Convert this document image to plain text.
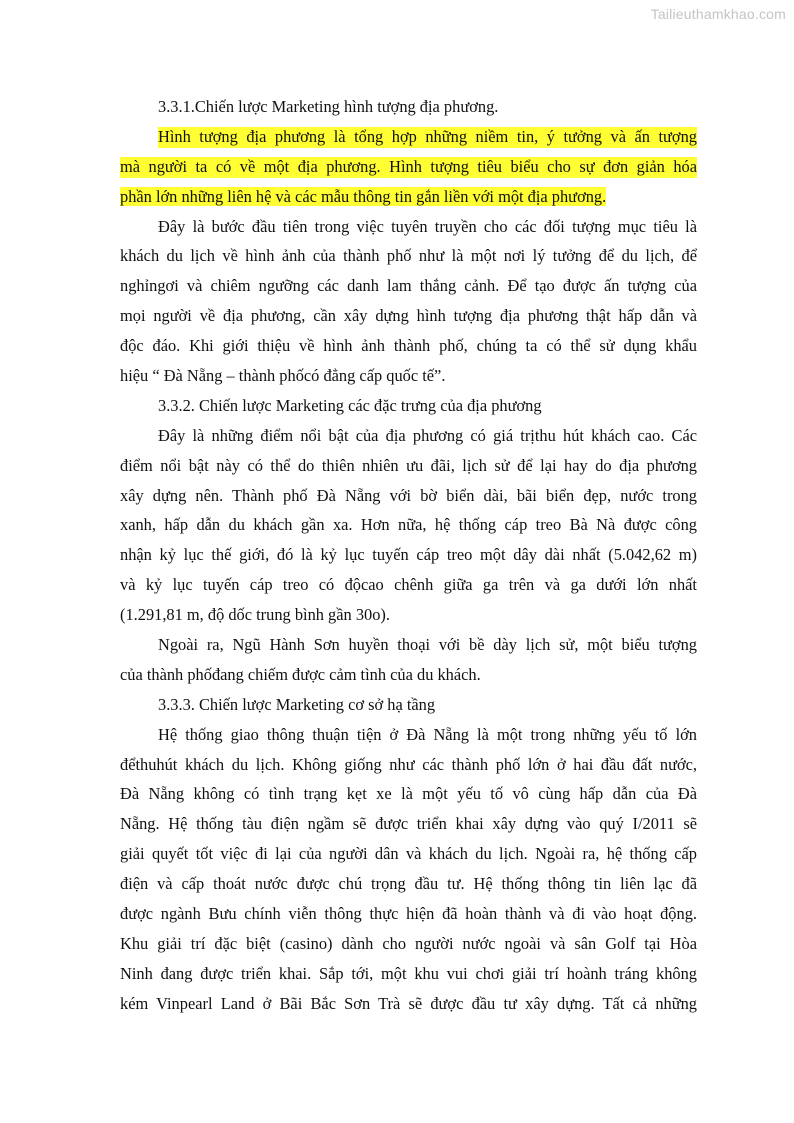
Tailieuthamkhao.com
3.3.1.Chiến lược Marketing hình tượng địa phương.
Hình tượng địa phương là tổng hợp những niềm tin, ý tưởng và ấn tượng
mà người ta có về một địa phương. Hình tượng tiêu biểu cho sự đơn giản hóa
phần lớn những liên hệ và các mẫu thông tin gắn liền với một địa phương.
Đây là bước đầu tiên trong việc tuyên truyền cho các đối tượng mục tiêu là
khách du lịch về hình ảnh của thành phố như là một nơi lý tưởng để du lịch, để
nghỉngơi và chiêm ngưỡng các danh lam thắng cảnh. Để tạo được ấn tượng của
mọi người về địa phương, cần xây dựng hình tượng địa phương thật hấp dẫn và
độc đáo. Khi giới thiệu về hình ảnh thành phố, chúng ta có thể sử dụng khẩu
hiệu “ Đà Nẵng – thành phốcó đẳng cấp quốc tế”.
3.3.2. Chiến lược Marketing các đặc trưng của địa phương
Đây là những điểm nổi bật của địa phương có giá trịthu hút khách cao. Các
điểm nổi bật này có thể do thiên nhiên ưu đãi, lịch sử để lại hay do địa phương
xây dựng nên. Thành phố Đà Nẵng với bờ biển dài, bãi biển đẹp, nước trong
xanh, hấp dẫn du khách gần xa. Hơn nữa, hệ thống cáp treo Bà Nà được công
nhận kỷ lục thế giới, đó là kỷ lục tuyến cáp treo một dây dài nhất (5.042,62 m)
và kỷ lục tuyến cáp treo có độcao chênh giữa ga trên và ga dưới lớn nhất
(1.291,81 m, độ dốc trung bình gần 30o).
Ngoài ra, Ngũ Hành Sơn huyền thoại với bề dày lịch sử, một biểu tượng
của thành phốđang chiếm được cảm tình của du khách.
3.3.3. Chiến lược Marketing cơ sở hạ tầng
Hệ thống giao thông thuận tiện ở Đà Nẵng là một trong những yếu tố lớn
đểthuhút khách du lịch. Không giống như các thành phố lớn ở hai đầu đất nước,
Đà Nẵng không có tình trạng kẹt xe là một yếu tố vô cùng hấp dẫn của Đà
Nẵng. Hệ thống tàu điện ngầm sẽ được triển khai xây dựng vào quý I/2011 sẽ
giải quyết tốt việc đi lại của người dân và khách du lịch. Ngoài ra, hệ thống cấp
điện và cấp thoát nước được chú trọng đầu tư. Hệ thống thông tin liên lạc đã
được ngành Bưu chính viễn thông thực hiện đã hoàn thành và đi vào hoạt động.
Khu giải trí đặc biệt (casino) dành cho người nước ngoài và sân Golf tại Hòa
Ninh đang được triển khai. Sắp tới, một khu vui chơi giải trí hoành tráng không
kém Vinpearl Land ở Bãi Bắc Sơn Trà sẽ được đầu tư xây dựng. Tất cả những
